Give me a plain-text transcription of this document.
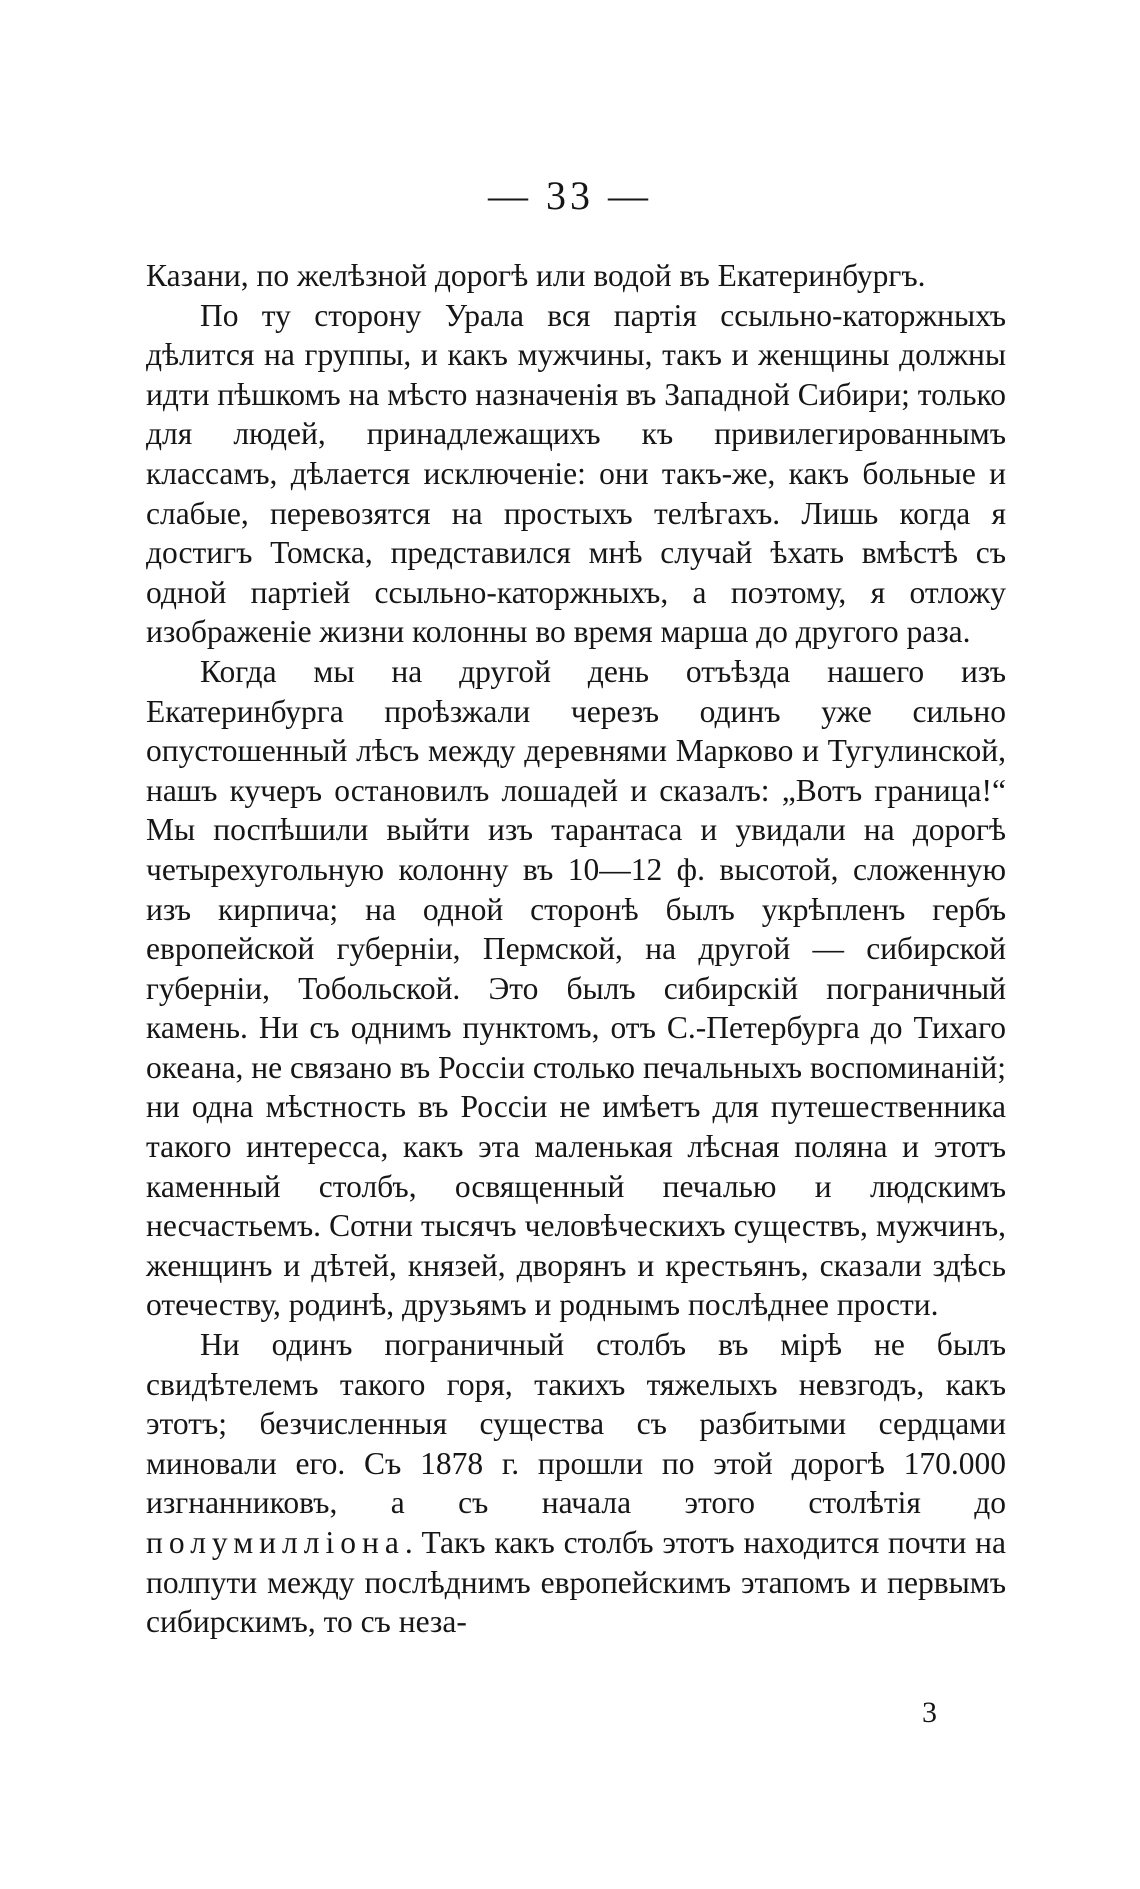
— 33 —

Казани, по желѣзной дорогѣ или водой въ Екатеринбургъ.

По ту сторону Урала вся партія ссыльно-каторжныхъ дѣлится на группы, и какъ мужчины, такъ и женщины должны идти пѣшкомъ на мѣсто назначенія въ Западной Сибири; только для людей, принадлежащихъ къ привилегированнымъ классамъ, дѣлается исключеніе: они такъ-же, какъ больные и слабые, перевозятся на простыхъ телѣгахъ. Лишь когда я достигъ Томска, представился мнѣ случай ѣхать вмѣстѣ съ одной партіей ссыльно-каторжныхъ, а поэтому, я отложу изображеніе жизни колонны во время марша до другого раза.

Когда мы на другой день отъѣзда нашего изъ Екатеринбурга проѣзжали черезъ одинъ уже сильно опустошенный лѣсъ между деревнями Марково и Тугулинской, нашъ кучеръ остановилъ лошадей и сказалъ: „Вотъ граница!“ Мы поспѣшили выйти изъ тарантаса и увидали на дорогѣ четырехугольную колонну въ 10—12 ф. высотой, сложенную изъ кирпича; на одной сторонѣ былъ укрѣпленъ гербъ европейской губерніи, Пермской, на другой — сибирской губерніи, Тобольской. Это былъ сибирскій пограничный камень. Ни съ однимъ пунктомъ, отъ С.-Петербурга до Тихаго океана, не связано въ Россіи столько печальныхъ воспоминаній; ни одна мѣстность въ Россіи не имѣетъ для путешественника такого интересса, какъ эта маленькая лѣсная поляна и этотъ каменный столбъ, освященный печалью и людскимъ несчастьемъ. Сотни тысячъ человѣческихъ существъ, мужчинъ, женщинъ и дѣтей, князей, дворянъ и крестьянъ, сказали здѣсь отечеству, родинѣ, друзьямъ и роднымъ послѣднее прости.

Ни одинъ пограничный столбъ въ мірѣ не былъ свидѣтелемъ такого горя, такихъ тяжелыхъ невзгодъ, какъ этотъ; безчисленныя существа съ разбитыми сердцами миновали его. Съ 1878 г. прошли по этой дорогѣ 170.000 изгнанниковъ, а съ начала этого столѣтія до полумилліона. Такъ какъ столбъ этотъ находится почти на полпути между послѣднимъ европейскимъ этапомъ и первымъ сибирскимъ, то съ неза-

3
